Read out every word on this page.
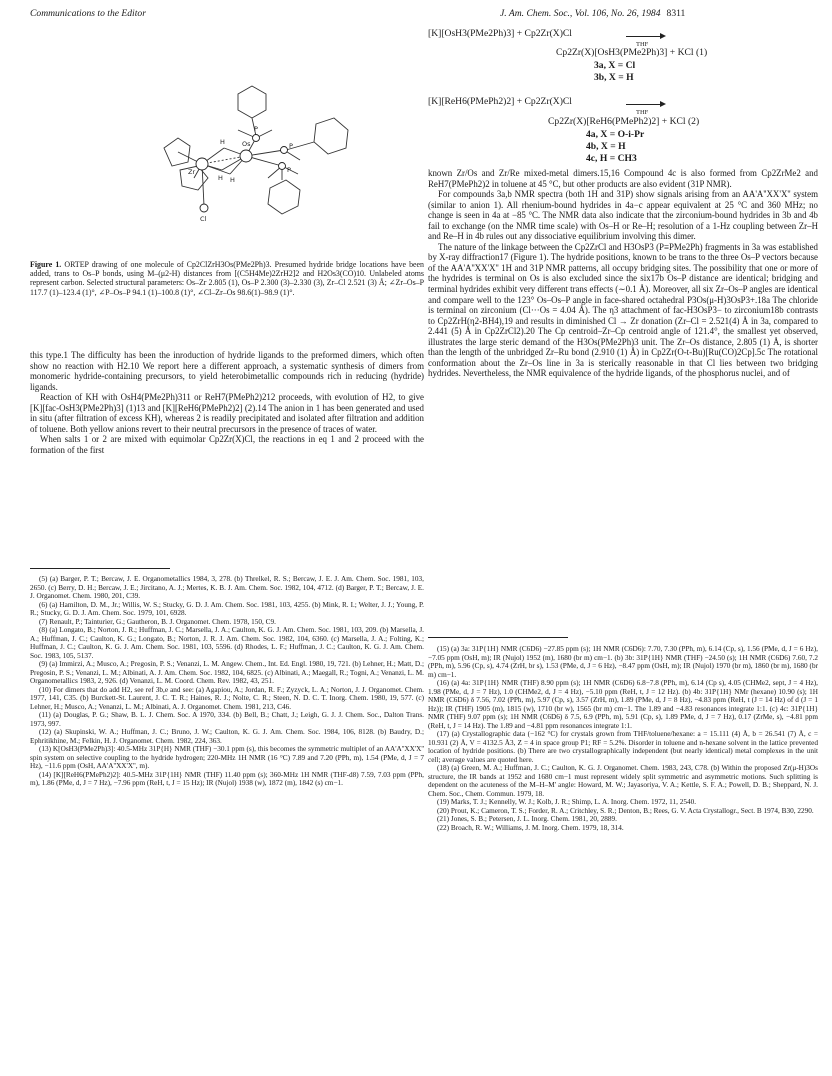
Communications to the Editor	J. Am. Chem. Soc., Vol. 106, No. 26, 1984 8311
Os
P
P
P
Zr
H
H H
Cl
Figure 1. ORTEP drawing of one molecule of Cp2ClZrH3Os(PMe2Ph)3. Presumed hydride bridge locations have been added, trans to Os–P bonds, using M–(μ2-H) distances from [(C5H4Me)2ZrH2]2 and H2Os3(CO)10. Unlabeled atoms represent carbon. Selected structural parameters: Os–Zr 2.805 (1), Os–P 2.300 (3)–2.330 (3), Zr–Cl 2.521 (3) Å; ∠Zr–Os–P 117.7 (1)–123.4 (1)°, ∠P–Os–P 94.1 (1)–100.8 (1)°, ∠Cl–Zr–Os 98.6(1)–98.9 (1)°.

this type.1 The difficulty has been the inroduction of hydride ligands to the preformed dimers, which often show no reaction with H2.10 We report here a different approach, a systematic synthesis of dimers from monomeric hydride-containing precursors, to yield heterobimetallic compounds rich in reducing (hydride) ligands.

Reaction of KH with OsH4(PMe2Ph)311 or ReH7(PMePh2)212 proceeds, with evolution of H2, to give [K][fac-OsH3(PMe2Ph)3] (1)13 and [K][ReH6(PMePh2)2] (2).14 The anion in 1 has been generated and used in situ (after filtration of excess KH), whereas 2 is readily precipitated and isolated after filtration and addition of toluene. Both yellow anions revert to their neutral precursors in the presence of traces of water.

When salts 1 or 2 are mixed with equimolar Cp2Zr(X)Cl, the reactions in eq 1 and 2 proceed with the formation of the first

(5) (a) Barger, P. T.; Bercaw, J. E. Organometallics 1984, 3, 278. (b) Threlkel, R. S.; Bercaw, J. E. J. Am. Chem. Soc. 1981, 103, 2650. (c) Berry, D. H.; Bercaw, J. E.; Jircitano, A. J.; Mertes, K. B. J. Am. Chem. Soc. 1982, 104, 4712. (d) Barger, P. T.; Bercaw, J. E. J. Organomet. Chem. 1980, 201, C39.

(6) (a) Hamilton, D. M., Jr.; Willis, W. S.; Stucky, G. D. J. Am. Chem. Soc. 1981, 103, 4255. (b) Mink, R. I.; Welter, J. J.; Young, P. R.; Stucky, G. D. J. Am. Chem. Soc. 1979, 101, 6928.

(7) Renault, P.; Tainturier, G.; Gautheron, B. J. Organomet. Chem. 1978, 150, C9.

(8) (a) Longato, B.; Norton, J. R.; Huffman, J. C.; Marsella, J. A.; Caulton, K. G. J. Am. Chem. Soc. 1981, 103, 209. (b) Marsella, J. A.; Huffman, J. C.; Caulton, K. G.; Longato, B.; Norton, J. R. J. Am. Chem. Soc. 1982, 104, 6360. (c) Marsella, J. A.; Folting, K.; Huffman, J. C.; Caulton, K. G. J. Am. Chem. Soc. 1981, 103, 5596. (d) Rhodes, L. F.; Huffman, J. C.; Caulton, K. G. J. Am. Chem. Soc. 1983, 105, 5137.

(9) (a) Immirzi, A.; Musco, A.; Pregosin, P. S.; Venanzi, L. M. Angew. Chem., Int. Ed. Engl. 1980, 19, 721. (b) Lehner, H.; Matt, D.; Pregosin, P. S.; Venanzi, L. M.; Albinati, A. J. Am. Chem. Soc. 1982, 104, 6825. (c) Albinati, A.; Maegall, R.; Togni, A.; Venanzi, L. M. Organometallics 1983, 2, 926. (d) Venanzi, L. M. Coord. Chem. Rev. 1982, 43, 251.

(10) For dimers that do add H2, see ref 3b,e and see: (a) Agapiou, A.; Jordan, R. F.; Zyzyck, L. A.; Norton, J. J. Organomet. Chem. 1977, 141, C35. (b) Burckett-St. Laurent, J. C. T. R.; Haines, R. J.; Nolte, C. R.; Steen, N. D. C. T. Inorg. Chem. 1980, 19, 577. (c) Lehner, H.; Musco, A.; Venanzi, L. M.; Albinati, A. J. Organomet. Chem. 1981, 213, C46.

(11) (a) Douglas, P. G.; Shaw, B. L. J. Chem. Soc. A 1970, 334. (b) Bell, B.; Chatt, J.; Leigh, G. J. J. Chem. Soc., Dalton Trans. 1973, 997.

(12) (a) Skupinski, W. A.; Huffman, J. C.; Bruno, J. W.; Caulton, K. G. J. Am. Chem. Soc. 1984, 106, 8128. (b) Baudry, D.; Ephritikhine, M.; Felkin, H. J. Organomet. Chem. 1982, 224, 363.

(13) K[OsH3(PMe2Ph)3]: 40.5-MHz 31P{H} NMR (THF) −30.1 ppm (s), this becomes the symmetric multiplet of an AA'A''XX'X'' spin system on selective coupling to the hydride hydrogen; 220-MHz 1H NMR (16 °C) 7.89 and 7.20 (PPh, m), 1.54 (PMe, d, J = 7 Hz), −11.6 ppm (OsH, AA'A''XX'X'', m).

(14) [K][ReH6(PMePh2)2]: 40.5-MHz 31P{1H} NMR (THF) 11.40 ppm (s); 360-MHz 1H NMR (THF-d8) 7.59, 7.03 ppm (PPh, m), 1.86 (PMe, d, J = 7 Hz), −7.96 ppm (ReH, t, J = 15 Hz); IR (Nujol) 1938 (w), 1872 (m), 1842 (s) cm−1.

[K][OsH3(PMe2Ph)3] + Cp2Zr(X)Cl
THF
Cp2Zr(X)[OsH3(PMe2Ph)3] + KCl (1)
3a, X = Cl
3b, X = H
[K][ReH6(PMePh2)2] + Cp2Zr(X)Cl
THF
Cp2Zr(X)[ReH6(PMePh2)2] + KCl (2)
4a, X = O-i-Pr
4b, X = H
4c, H = CH3

known Zr/Os and Zr/Re mixed-metal dimers.15,16 Compound 4c is also formed from Cp2ZrMe2 and ReH7(PMePh2)2 in toluene at 45 °C, but other products are also evident (31P NMR).

For compounds 3a,b NMR spectra (both 1H and 31P) show signals arising from an AA'A''XX'X'' system (similar to anion 1). All rhenium-bound hydrides in 4a−c appear equivalent at 25 °C and 360 MHz; no change is seen in 4a at −85 °C. The NMR data also indicate that the zirconium-bound hydrides in 3b and 4b fail to exchange (on the NMR time scale) with Os–H or Re–H; resolution of a 1-Hz coupling between Zr–H and Re–H in 4b rules out any dissociative equilibrium involving this dimer.

The nature of the linkage between the Cp2ZrCl and H3OsP3 (P≡PMe2Ph) fragments in 3a was established by X-ray diffraction17 (Figure 1). The hydride positions, known to be trans to the three Os–P vectors because of the AA'A''XX'X'' 1H and 31P NMR patterns, all occupy bridging sites. The possibility that one or more of the hydrides is terminal on Os is also excluded since the six17b Os–P distance are identical; bridging and terminal hydrides exhibit very different trans effects (∼0.1 Å). Moreover, all six Zr–Os–P angles are identical and compare well to the 123° Os–Os–P angle in face-shared octahedral P3Os(μ-H)3OsP3+.18a The chloride is terminal on zirconium (Cl···Os = 4.04 Å). The η3 attachment of fac-H3OsP3− to zirconium18b contrasts to Cp2ZrH(η2-BH4),19 and results in diminished Cl → Zr donation (Zr–Cl = 2.521(4) Å in 3a, compared to 2.441 (5) Å in Cp2ZrCl2).20 The Cp centroid–Zr–Cp centroid angle of 121.4°, the smallest yet observed, illustrates the large steric demand of the H3Os(PMe2Ph)3 unit. The Zr–Os distance, 2.805 (1) Å, is shorter than the length of the unbridged Zr–Ru bond (2.910 (1) Å) in Cp2Zr(O-t-Bu)[Ru(CO)2Cp].5c The rotational conformation about the Zr–Os line in 3a is sterically reasonable in that Cl lies between two bridging hydrides. Nevertheless, the NMR equivalence of the hydride ligands, of the phosphorus nuclei, and of

(15) (a) 3a: 31P{1H} NMR (C6D6) −27.85 ppm (s); 1H NMR (C6D6): 7.70, 7.30 (PPh, m), 6.14 (Cp, s), 1.56 (PMe, d, J = 6 Hz), −7.05 ppm (OsH, m); IR (Nujol) 1952 (m), 1680 (br m) cm−1. (b) 3b: 31P{1H} NMR (THF) −24.50 (s); 1H NMR (C6D6) 7.60, 7.2 (PPh, m), 5.96 (Cp, s), 4.74 (ZrH, br s), 1.53 (PMe, d, J = 6 Hz), −8.47 ppm (OsH, m); IR (Nujol) 1970 (br m), 1860 (br m), 1680 (br m) cm−1.

(16) (a) 4a: 31P{1H} NMR (THF) 8.90 ppm (s); 1H NMR (C6D6) 6.8−7.8 (PPh, m), 6.14 (Cp s), 4.05 (CHMe2, sept, J = 4 Hz), 1.98 (PMe, d, J = 7 Hz), 1.0 (CHMe2, d, J = 4 Hz), −5.10 ppm (ReH, t, J = 12 Hz). (b) 4b: 31P{1H} NMr (hexane) 10.90 (s); 1H NMR (C6D6) δ 7.56, 7.02 (PPh, m), 5.97 (Cp, s), 3.57 (ZrH, m), 1.89 (PMe, d, J = 8 Hz), −4.83 ppm (ReH, t (J = 14 Hz) of d (J = 1 Hz)); IR (THF) 1905 (m), 1815 (w), 1710 (br w), 1565 (br m) cm−1. The 1.89 and −4.83 resonances integrate 1:1. (c) 4c: 31P{1H} NMR (THF) 9.07 ppm (s); 1H NMR (C6D6) δ 7.5, 6.9 (PPh, m), 5.91 (Cp, s), 1.89 PMe, d, J = 7 Hz), 0.17 (ZrMe, s), −4.81 ppm (ReH, t, J = 14 Hz). The 1.89 and −4.81 ppm resonances integrate 1:1.

(17) (a) Crystallographic data (−162 °C) for crystals grown from THF/toluene/hexane: a = 15.111 (4) Å, b = 26.541 (7) Å, c = 10.931 (2) Å, V = 4132.5 Å3, Z = 4 in space group P1; RF = 5.2%. Disorder in toluene and n-hexane solvent in the lattice prevented location of hydride positions. (b) There are two crystallographically independent (but nearly identical) metal complexes in the unit cell; average values are quoted here.

(18) (a) Green, M. A.; Huffman, J. C.; Caulton, K. G. J. Organomet. Chem. 1983, 243, C78. (b) Within the proposed Zr(μ-H)3Os structure, the IR bands at 1952 and 1680 cm−1 must represent widely split symmetric and asymmetric motions. Such splitting is dependent on the acuteness of the M–H–M' angle: Howard, M. W.; Jayasoriya, V. A.; Kettle, S. F. A.; Powell, D. B.; Sheppard, N. J. Chem. Soc., Chem. Commun. 1979, 18.

(19) Marks, T. J.; Kennelly, W. J.; Kolb, J. R.; Shimp, L. A. Inorg. Chem. 1972, 11, 2540.

(20) Prout, K.; Cameron, T. S.; Forder, R. A.; Critchley, S. R.; Denton, B.; Rees, G. V. Acta Crystallogr., Sect. B 1974, B30, 2290.

(21) Jones, S. B.; Petersen, J. L. Inorg. Chem. 1981, 20, 2889.

(22) Broach, R. W.; Williams, J. M. Inorg. Chem. 1979, 18, 314.
